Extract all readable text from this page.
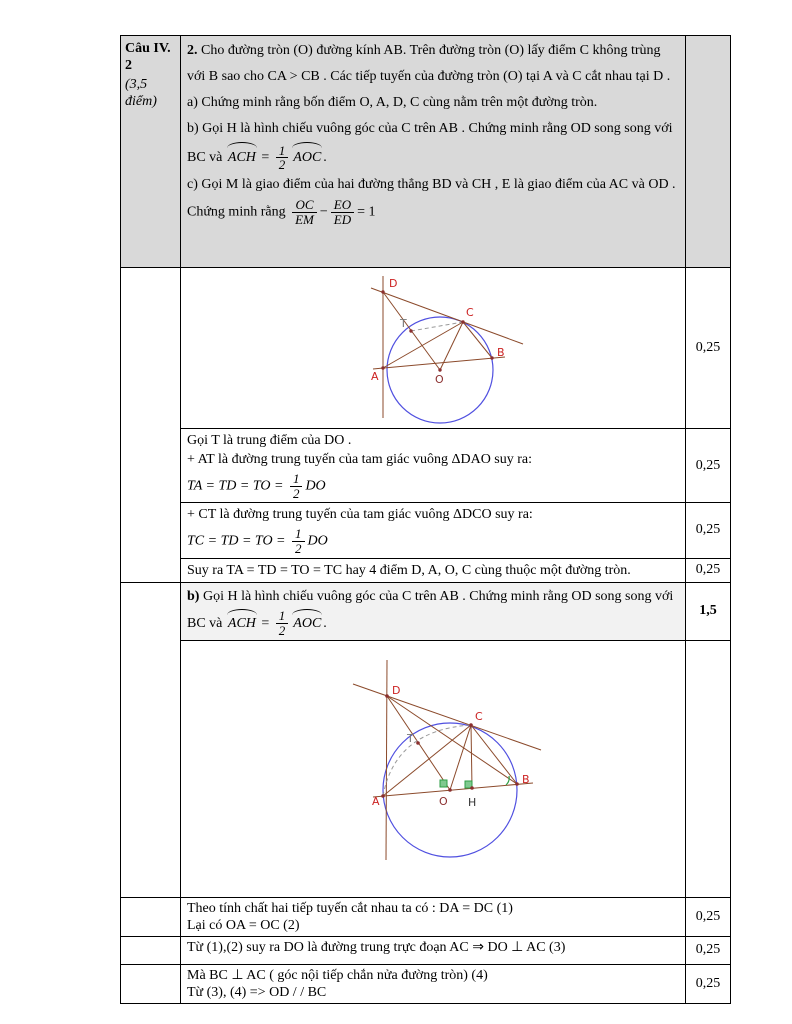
Câu IV. 2
(3,5 điểm)

2. Cho đường tròn (O) đường kính AB. Trên đường tròn (O) lấy điểm C không trùng với B sao cho CA > CB . Các tiếp tuyến của đường tròn (O) tại A và C cắt nhau tại D .

a) Chứng minh rằng bốn điểm O, A, D, C cùng nằm trên một đường tròn.

b) Gọi H là hình chiếu vuông góc của C trên AB . Chứng minh rằng OD song song với BC và ACH = $\frac{1}{2}$ AOC .

c) Gọi M là giao điểm của hai đường thẳng BD và CH , E là giao điểm của AC và OD . Chứng minh rằng $\frac{OC}{EM} - \frac{EO}{ED} = 1$

D
C
B
A	O
T
	0,25

Gọi T là trung điểm của DO .
+ AT là đường trung tuyến của tam giác vuông ΔDAO suy ra:
TA = TD = TO = $\frac{1}{2}$ DO
	0,25

	+ CT là đường trung tuyến của tam giác vuông ΔDCO suy ra:
TC = TD = TO = $\frac{1}{2}$ DO	0,25

	Suy ra TA = TD = TO = TC hay 4 điểm D, A, O, C cùng thuộc một đường tròn.	0,25
	b) Gọi H là hình chiếu vuông góc của C trên AB . Chứng minh rằng OD song song với BC và ACH = $\frac{1}{2}$ AOC .	1,5

D
C
A
B
O H
T

	Theo tính chất hai tiếp tuyến cắt nhau ta có : DA = DC (1)
Lại có OA = OC (2)	0,25

	Từ (1),(2) suy ra DO là đường trung trực đoạn AC ⇒ DO ⊥ AC (3)	0,25

	Mà BC ⊥ AC ( góc nội tiếp chắn nửa đường tròn) (4)
Từ (3), (4) => OD / / BC	0,25
